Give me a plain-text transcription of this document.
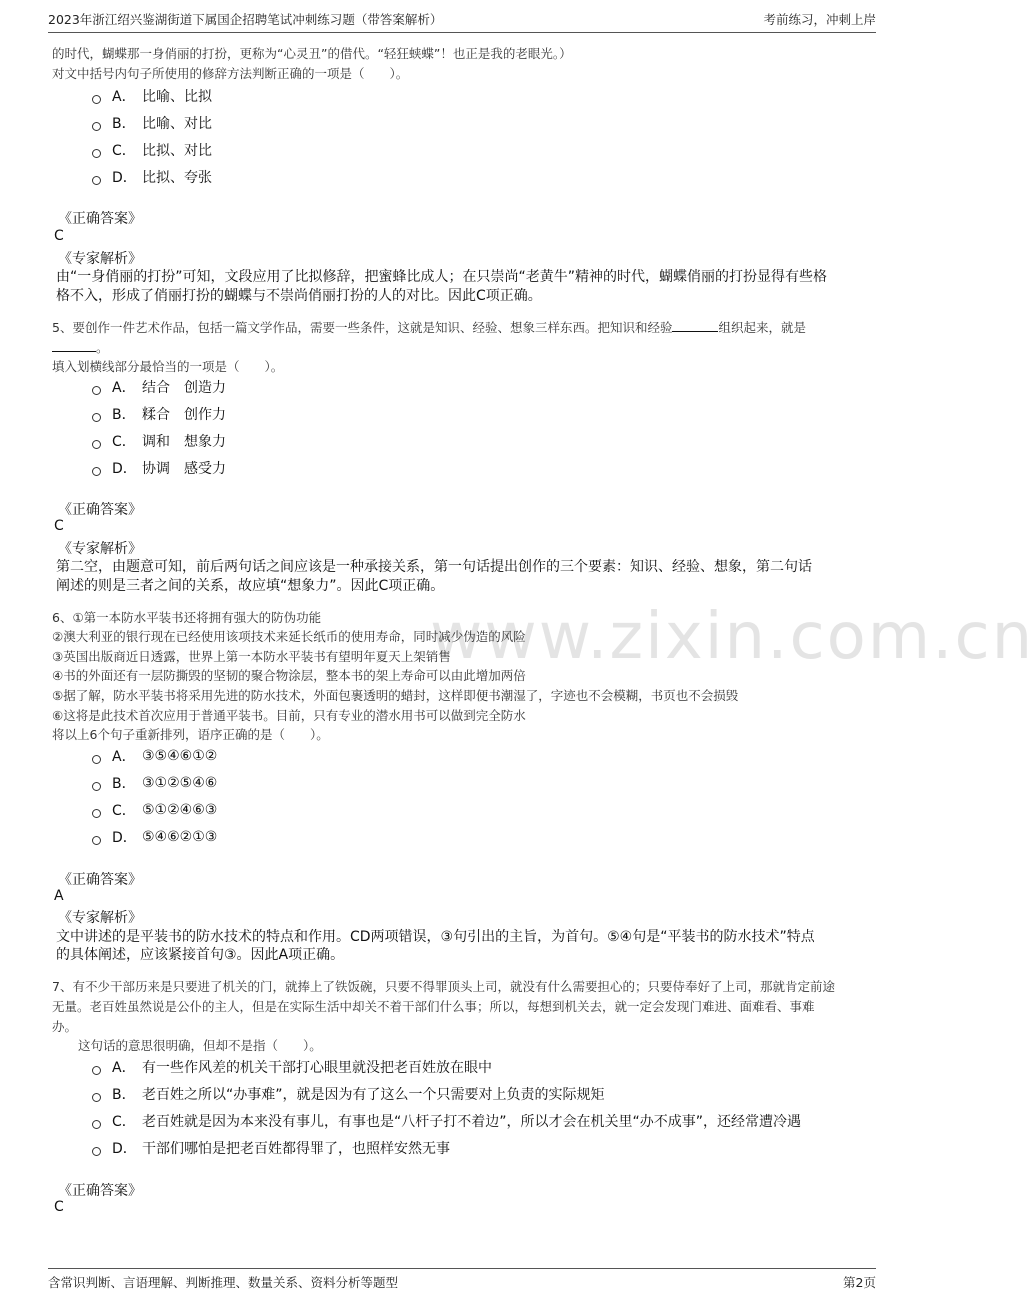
2023年浙江绍兴鉴湖街道下属国企招聘笔试冲刺练习题（带答案解析）	考前练习，冲刺上岸
www.zixin.com.cn
的时代，蝴蝶那一身俏丽的打扮，更称为“心灵丑”的借代。“轻狂蛱蝶”！也正是我的老眼光。）
对文中括号内句子所使用的修辞方法判断正确的一项是（　　）。
A． 比喻、比拟
B． 比喻、对比
C． 比拟、对比
D． 比拟、夸张
《正确答案》
C
《专家解析》
由“一身俏丽的打扮”可知，文段应用了比拟修辞，把蜜蜂比成人；在只崇尚“老黄牛”精神的时代，蝴蝶俏丽的打扮显得有些格
格不入，形成了俏丽打扮的蝴蝶与不崇尚俏丽打扮的人的对比。因此C项正确。
5、要创作一件艺术作品，包括一篇文学作品，需要一些条件，这就是知识、经验、想象三样东西。把知识和经验	组织起来，就是
。
填入划横线部分最恰当的一项是（　　）。
A． 结合　创造力
B． 糅合　创作力
C． 调和　想象力
D． 协调　感受力
《正确答案》
C
《专家解析》
第二空，由题意可知，前后两句话之间应该是一种承接关系，第一句话提出创作的三个要素：知识、经验、想象，第二句话
阐述的则是三者之间的关系，故应填“想象力”。因此C项正确。
6、①第一本防水平装书还将拥有强大的防伪功能
②澳大利亚的银行现在已经使用该项技术来延长纸币的使用寿命，同时减少伪造的风险
③英国出版商近日透露，世界上第一本防水平装书有望明年夏天上架销售
④书的外面还有一层防撕毁的坚韧的聚合物涂层，整本书的架上寿命可以由此增加两倍
⑤据了解，防水平装书将采用先进的防水技术，外面包裹透明的蜡封，这样即便书潮湿了，字迹也不会模糊，书页也不会损毁
⑥这将是此技术首次应用于普通平装书。目前，只有专业的潜水用书可以做到完全防水
将以上6个句子重新排列，语序正确的是（　　）。
A． ③⑤④⑥①②
B． ③①②⑤④⑥
C． ⑤①②④⑥③
D． ⑤④⑥②①③
《正确答案》
A
《专家解析》
文中讲述的是平装书的防水技术的特点和作用。CD两项错误，③句引出的主旨，为首句。⑤④句是“平装书的防水技术”特点
的具体阐述，应该紧接首句③。因此A项正确。
7、有不少干部历来是只要进了机关的门，就捧上了铁饭碗，只要不得罪顶头上司，就没有什么需要担心的；只要侍奉好了上司，那就肯定前途
无量。老百姓虽然说是公仆的主人，但是在实际生活中却关不着干部们什么事；所以，每想到机关去，就一定会发现门难进、面难看、事难
办。
这句话的意思很明确，但却不是指（　　）。
A． 有一些作风差的机关干部打心眼里就没把老百姓放在眼中
B． 老百姓之所以“办事难”，就是因为有了这么一个只需要对上负责的实际规矩
C． 老百姓就是因为本来没有事儿，有事也是“八杆子打不着边”，所以才会在机关里“办不成事”，还经常遭冷遇
D． 干部们哪怕是把老百姓都得罪了，也照样安然无事
《正确答案》
C
含常识判断、言语理解、判断推理、数量关系、资料分析等题型	第2页
